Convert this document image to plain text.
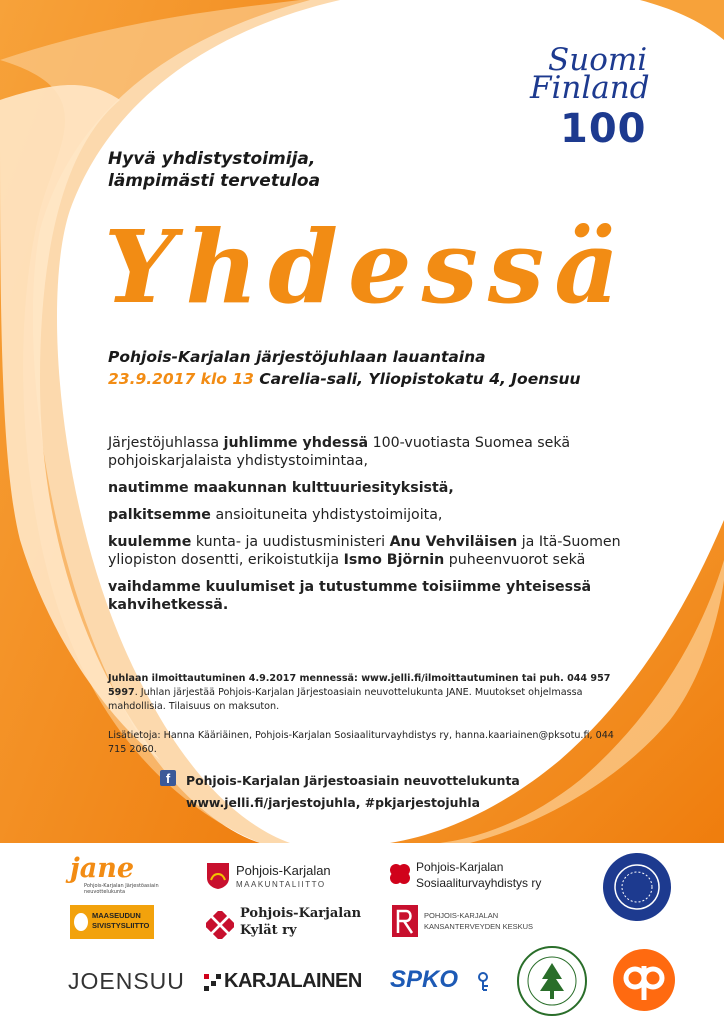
Suomi
Finland
100
Hyvä yhdistystoimija,
lämpimästi tervetuloa
Yhdessä
Pohjois-Karjalan järjestöjuhlaan lauantaina
23.9.2017 klo 13 Carelia-sali, Yliopistokatu 4, Joensuu

Järjestöjuhlassa juhlimme yhdessä 100-vuotiasta Suomea sekä pohjoiskarjalaista yhdistystoimintaa,

nautimme maakunnan kulttuuriesityksistä,

palkitsemme ansioituneita yhdistystoimijoita,

kuulemme kunta- ja uudistusministeri Anu Vehviläisen ja Itä-Suomen yliopiston dosentti, erikoistutkija Ismo Björnin puheenvuorot sekä

vaihdamme kuulumiset ja tutustumme toisiimme yhteisessä kahvihetkessä.

Juhlaan ilmoittautuminen 4.9.2017 mennessä: www.jelli.fi/ilmoittautuminen tai puh. 044 957 5997. Juhlan järjestää Pohjois-Karjalan Järjestoasiain neuvottelukunta JANE. Muutokset ohjelmassa mahdollisia. Tilaisuus on maksuton.
Lisätietoja: Hanna Kääriäinen, Pohjois-Karjalan Sosiaaliturvayhdistys ry, hanna.kaariainen@pksotu.fi, 044 715 2060.
f	Pohjois-Karjalan Järjestoasiain neuvottelukunta
www.jelli.fi/jarjestojuhla, #pkjarjestojuhla
jane
Pohjois-Karjalan Järjestöasiain neuvottelukunta
Pohjois-Karjalan
MAAKUNTALIITTO
Pohjois-Karjalan
Sosiaaliturvayhdistys ry
MAASEUDUN SIVISTYSLIITTO
Pohjois-Karjalan
Kylät ry
POHJOIS-KARJALAN
KANSANTERVEYDEN KESKUS
JOENSUU KARJALAINEN SPKO
